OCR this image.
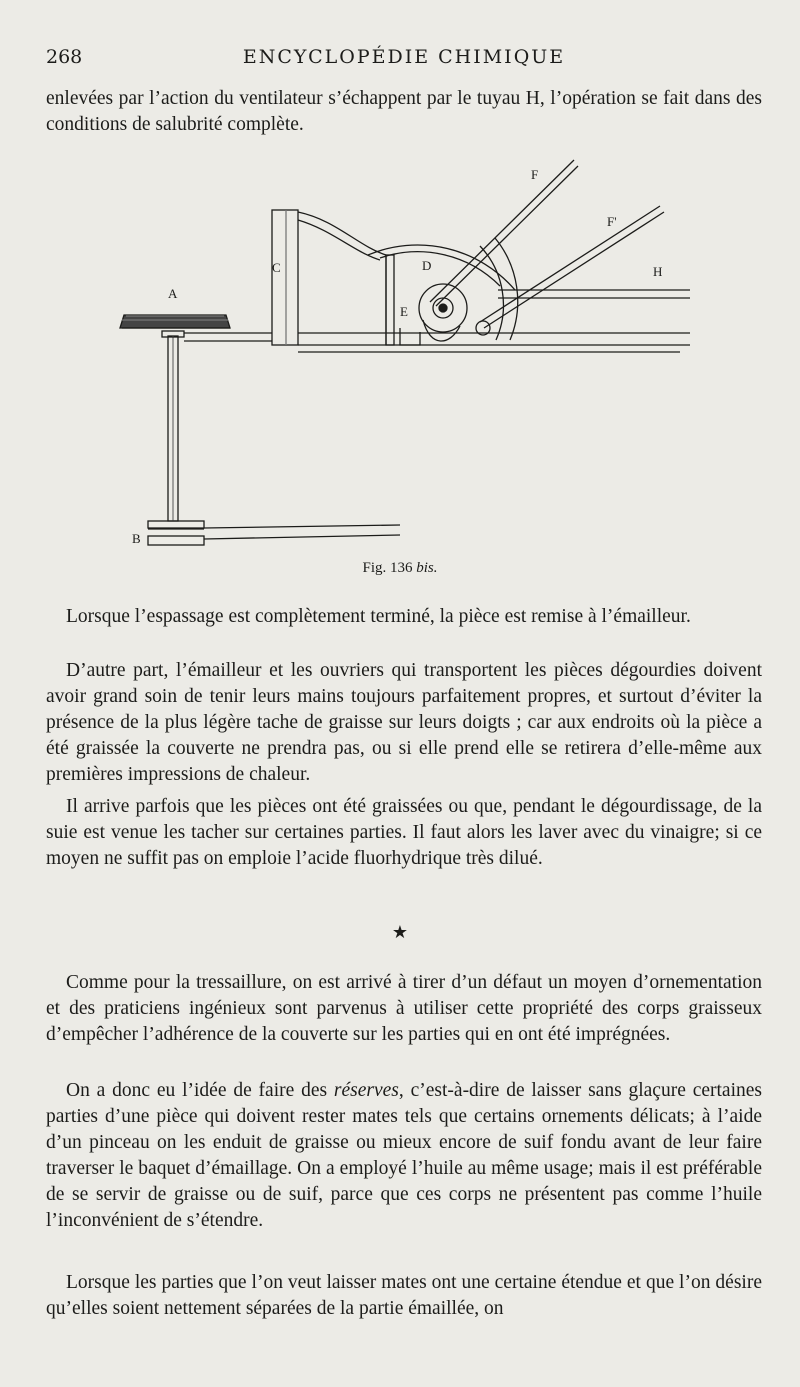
268	ENCYCLOPÉDIE CHIMIQUE

enlevées par l’action du ventilateur s’échappent par le tuyau H, l’opération se fait dans des conditions de salubrité complète.

A
B
C	D
E
F
F'
H
Fig. 136 bis.

Lorsque l’espassage est complètement terminé, la pièce est remise à l’émailleur.

D’autre part, l’émailleur et les ouvriers qui transportent les pièces dégourdies doivent avoir grand soin de tenir leurs mains toujours parfaitement propres, et surtout d’éviter la présence de la plus légère tache de graisse sur leurs doigts ; car aux endroits où la pièce a été graissée la couverte ne prendra pas, ou si elle prend elle se retirera d’elle-même aux premières impressions de chaleur.

Il arrive parfois que les pièces ont été graissées ou que, pendant le dégourdissage, de la suie est venue les tacher sur certaines parties. Il faut alors les laver avec du vinaigre; si ce moyen ne suffit pas on emploie l’acide fluorhydrique très dilué.

★

Comme pour la tressaillure, on est arrivé à tirer d’un défaut un moyen d’ornementation et des praticiens ingénieux sont parvenus à utiliser cette propriété des corps graisseux d’empêcher l’adhérence de la couverte sur les parties qui en ont été imprégnées.

On a donc eu l’idée de faire des réserves, c’est-à-dire de laisser sans glaçure certaines parties d’une pièce qui doivent rester mates tels que certains ornements délicats; à l’aide d’un pinceau on les enduit de graisse ou mieux encore de suif fondu avant de leur faire traverser le baquet d’émaillage. On a employé l’huile au même usage; mais il est préférable de se servir de graisse ou de suif, parce que ces corps ne présentent pas comme l’huile l’inconvénient de s’étendre.

Lorsque les parties que l’on veut laisser mates ont une certaine étendue et que l’on désire qu’elles soient nettement séparées de la partie émaillée, on
